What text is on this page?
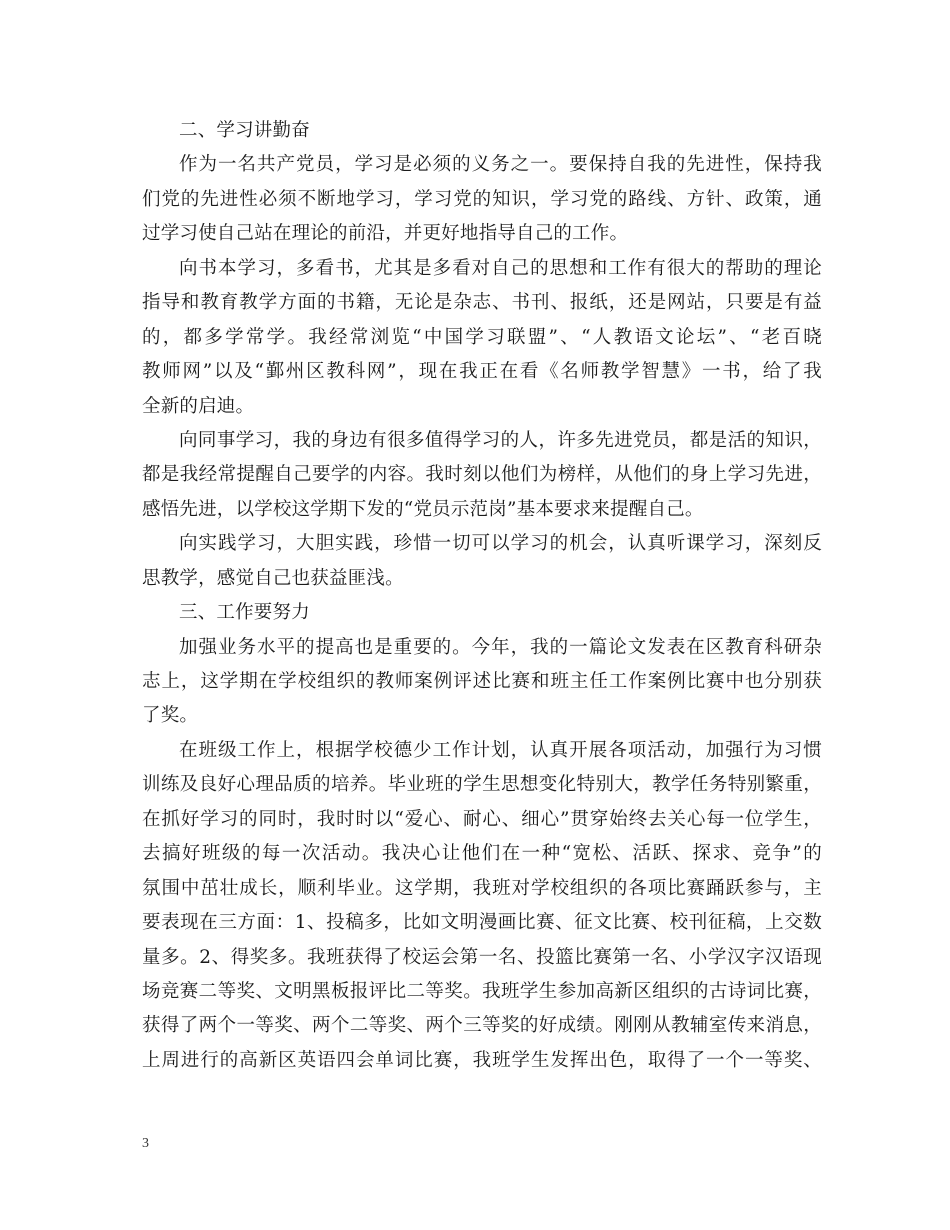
二、学习讲勤奋
作为一名共产党员，学习是必须的义务之一。要保持自我的先进性，保持我
们党的先进性必须不断地学习，学习党的知识，学习党的路线、方针、政策，通
过学习使自己站在理论的前沿，并更好地指导自己的工作。
向书本学习，多看书，尤其是多看对自己的思想和工作有很大的帮助的理论
指导和教育教学方面的书籍，无论是杂志、书刊、报纸，还是网站，只要是有益
的，都多学常学。我经常浏览“中国学习联盟”、“人教语文论坛”、“老百晓
教师网”以及“鄞州区教科网”，现在我正在看《名师教学智慧》一书，给了我
全新的启迪。
向同事学习，我的身边有很多值得学习的人，许多先进党员，都是活的知识，
都是我经常提醒自己要学的内容。我时刻以他们为榜样，从他们的身上学习先进，
感悟先进，以学校这学期下发的“党员示范岗”基本要求来提醒自己。
向实践学习，大胆实践，珍惜一切可以学习的机会，认真听课学习，深刻反
思教学，感觉自己也获益匪浅。
三、工作要努力
加强业务水平的提高也是重要的。今年，我的一篇论文发表在区教育科研杂
志上，这学期在学校组织的教师案例评述比赛和班主任工作案例比赛中也分别获
了奖。
在班级工作上，根据学校德少工作计划，认真开展各项活动，加强行为习惯
训练及良好心理品质的培养。毕业班的学生思想变化特别大，教学任务特别繁重，
在抓好学习的同时，我时时以“爱心、耐心、细心”贯穿始终去关心每一位学生，
去搞好班级的每一次活动。我决心让他们在一种“宽松、活跃、探求、竞争”的
氛围中茁壮成长，顺利毕业。这学期，我班对学校组织的各项比赛踊跃参与，主
要表现在三方面：1、投稿多，比如文明漫画比赛、征文比赛、校刊征稿，上交数
量多。2、得奖多。我班获得了校运会第一名、投篮比赛第一名、小学汉字汉语现
场竞赛二等奖、文明黑板报评比二等奖。我班学生参加高新区组织的古诗词比赛，
获得了两个一等奖、两个二等奖、两个三等奖的好成绩。刚刚从教辅室传来消息，
上周进行的高新区英语四会单词比赛，我班学生发挥出色，取得了一个一等奖、
3
